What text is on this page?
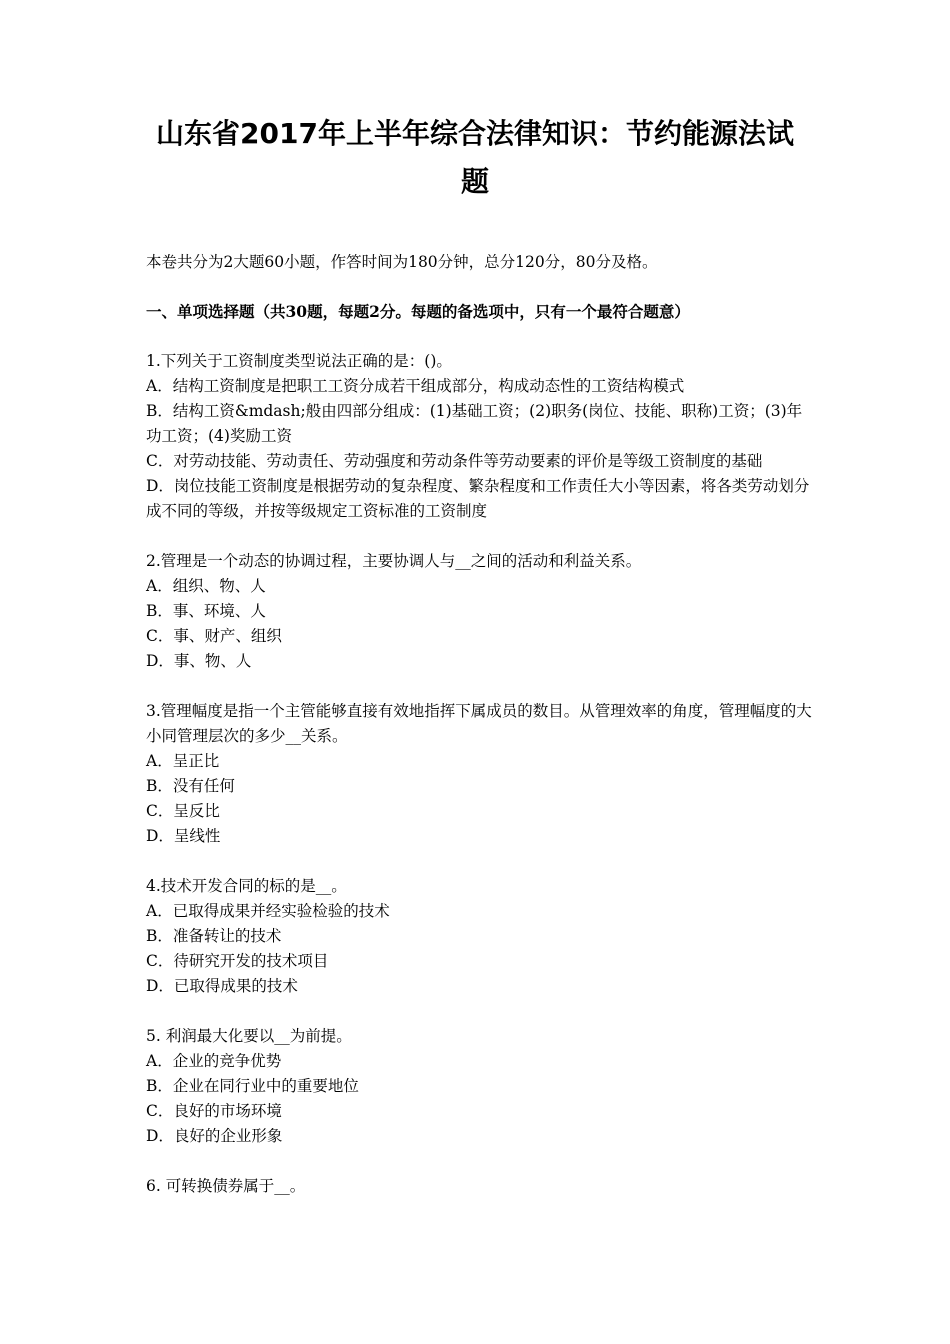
山东省2017年上半年综合法律知识：节约能源法试
题

本卷共分为2大题60小题，作答时间为180分钟，总分120分，80分及格。

一、单项选择题（共30题，每题2分。每题的备选项中，只有一个最符合题意）

1.下列关于工资制度类型说法正确的是：()。

A．结构工资制度是把职工工资分成若干组成部分，构成动态性的工资结构模式

B．结构工资&mdash;般由四部分组成：(1)基础工资；(2)职务(岗位、技能、职称)工资；(3)年功工资；(4)奖励工资

C．对劳动技能、劳动责任、劳动强度和劳动条件等劳动要素的评价是等级工资制度的基础

D．岗位技能工资制度是根据劳动的复杂程度、繁杂程度和工作责任大小等因素，将各类劳动划分成不同的等级，并按等级规定工资标准的工资制度

2.管理是一个动态的协调过程，主要协调人与__之间的活动和利益关系。

A．组织、物、人

B．事、环境、人

C．事、财产、组织

D．事、物、人

3.管理幅度是指一个主管能够直接有效地指挥下属成员的数目。从管理效率的角度，管理幅度的大小同管理层次的多少__关系。

A．呈正比

B．没有任何

C．呈反比

D．呈线性

4.技术开发合同的标的是__。

A．已取得成果并经实验检验的技术

B．准备转让的技术

C．待研究开发的技术项目

D．已取得成果的技术

5. 利润最大化要以__为前提。

A．企业的竞争优势

B．企业在同行业中的重要地位

C．良好的市场环境

D．良好的企业形象

6. 可转换债券属于__。
